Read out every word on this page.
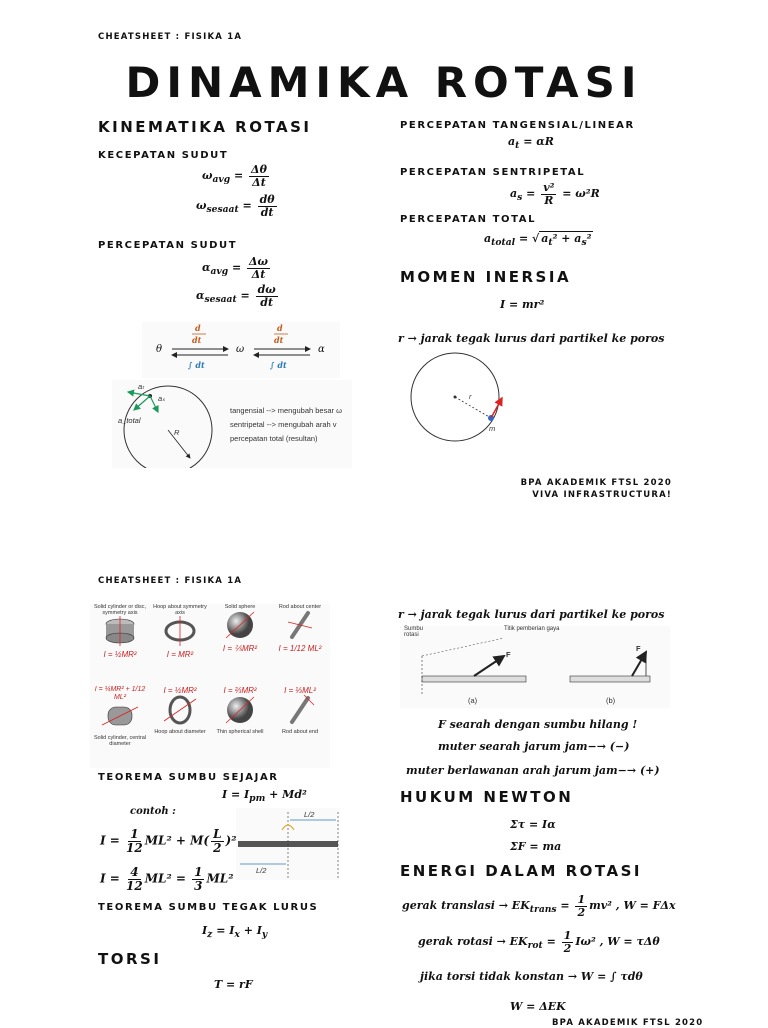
CHEATSHEET : FISIKA 1A
DINAMIKA ROTASI
KINEMATIKA ROTASI
KECEPATAN SUDUT
$\omega_{avg} = \frac{\Delta\theta}{\Delta t}$
$\omega_{sesaat} = \frac{d\theta}{dt}$
PERCEPATAN SUDUT
$\alpha_{avg} = \frac{\Delta\omega}{\Delta t}$
$\alpha_{sesaat} = \frac{d\omega}{dt}$
d
dt
d
dt
∫ dt	∫ dt
θ	ω	α
aₜ
aₛ
a_total
R
tangensial --> mengubah besar ω
sentripetal --> mengubah arah v
percepatan total (resultan)
PERCEPATAN TANGENSIAL/LINEAR
$a_t = \alpha R$
PERCEPATAN SENTRIPETAL
$a_s = \frac{\text{v²}}{R} = \omega^2R$
PERCEPATAN TOTAL
$a_{total}$ = √ $a_t^2 + a_s^2$
MOMEN INERSIA
I = mr²
r → jarak tegak lurus dari partikel ke poros
r
m
BPA AKADEMIK FTSL 2020
VIVA INFRASTRUCTURA!
CHEATSHEET : FISIKA 1A
Solid cylinder or disc, symmetry axis
I = ½MR²
Hoop about symmetry axis
I = MR²
Solid sphere
I = ⅖MR²
Rod about center
I = 1/12 ML²
I = ¼MR² + 1/12 ML²
Solid cylinder, central diameter
I = ½MR²
Hoop about diameter
I = ⅔MR²
Thin spherical shell
I = ⅓ML²
Rod about end
TEOREMA SUMBU SEJAJAR
$I = I_{pm} + Md^2$
contoh :
$I = \frac{1}{12} ML^2 + M( \frac{L}{2} )^2$
$I = \frac{4}{12} ML^2 = \frac{1}{3} ML^2$
L/2
L/2
TEOREMA SUMBU TEGAK LURUS
$I_z = I_x + I_y$
TORSI
T = rF
r → jarak tegak lurus dari partikel ke poros
Sumbu rotasi
Titik pemberian gaya
F
F
(a)	(b)
F searah dengan sumbu hilang !
muter searah jarum jam−→ (−)
muter berlawanan arah jarum jam−→ (+)
HUKUM NEWTON
Στ = Iα
ΣF = ma
ENERGI DALAM ROTASI
gerak translasi → $EK_{trans} = \frac{1}{2} mv^2$ , W = FΔx
gerak rotasi → $EK_{rot} = \frac{1}{2} I\omega^2$ , W = τΔθ
jika torsi tidak konstan → W = ∫ τdθ
W = ΔEK
BPA AKADEMIK FTSL 2020
